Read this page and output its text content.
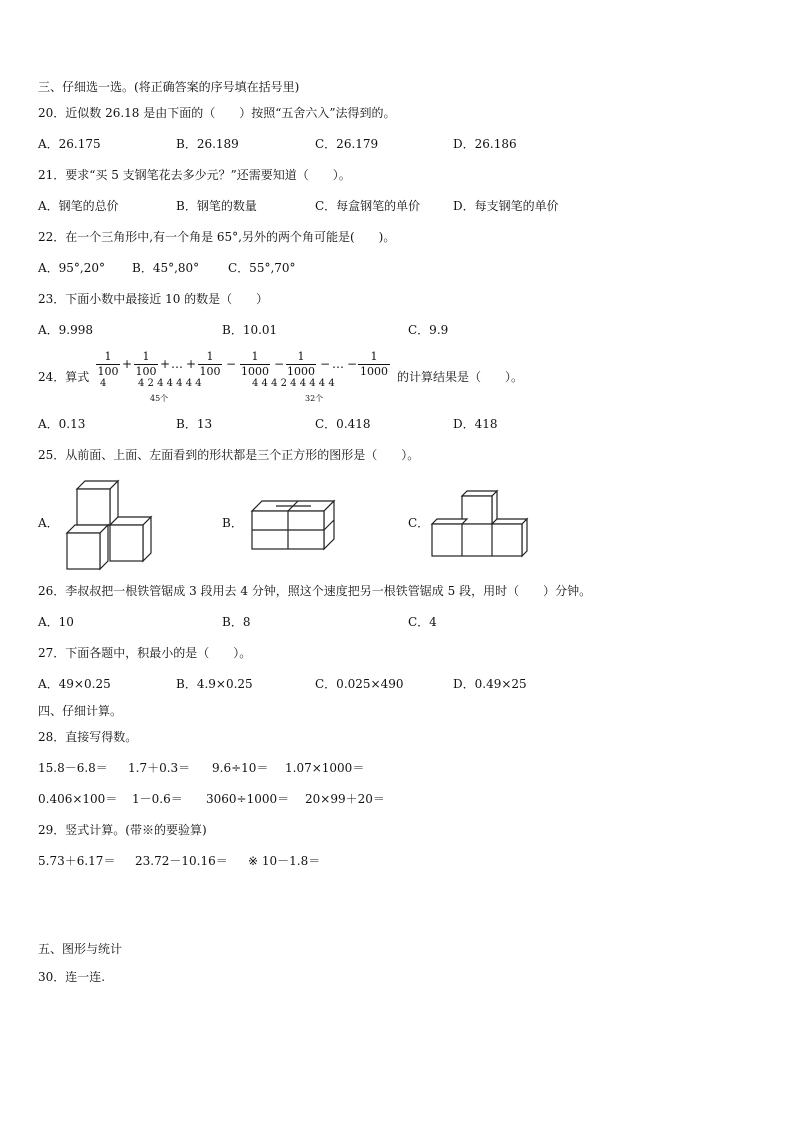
三、仔细选一选。(将正确答案的序号填在括号里)
20．近似数 26.18 是由下面的（　　）按照“五舍六入”法得到的。
A．26.175	B．26.189	C．26.179	D．26.186
21．要求“买 5 支钢笔花去多少元？”还需要知道（　　）。
A．钢笔的总价	B．钢笔的数量	C．每盒钢笔的单价	D．每支钢笔的单价
22．在一个三角形中,有一个角是 65°,另外的两个角可能是(　　)。
A．95°,20° B．45°,80° C．55°,70°
23．下面小数中最接近 10 的数是（　　）
A．9.998	B．10.01	C．9.9
24．算式 $\frac{1}{100} + \frac{1}{100}$ + … + $\frac{1}{100} - \frac{1}{1000} - \frac{1}{1000}$ − … − $\frac{1}{1000}$
4	4 2 4 4 4 4 4	4 4 4 2 4 4 4 4 4
45个	32个
的计算结果是（　　）。
A．0.13	B．13	C．0.418	D．418
25．从前面、上面、左面看到的形状都是三个正方形的图形是（　　）。
A．	B．	C．
26．李叔叔把一根铁管锯成 3 段用去 4 分钟，照这个速度把另一根铁管锯成 5 段，用时（　　）分钟。
A．10	B．8	C．4
27．下面各题中，积最小的是（　　）。
A．49×0.25	B．4.9×0.25	C．0.025×490	D．0.49×25
四、仔细计算。
28．直接写得数。
15.8－6.8＝ 1.7＋0.3＝ 9.6÷10＝ 1.07×1000＝
0.406×100＝ 1－0.6＝ 3060÷1000＝ 20×99＋20＝
29．竖式计算。(带※的要验算)
5.73＋6.17＝ 23.72－10.16＝ ※ 10－1.8＝
五、图形与统计
30．连一连.
